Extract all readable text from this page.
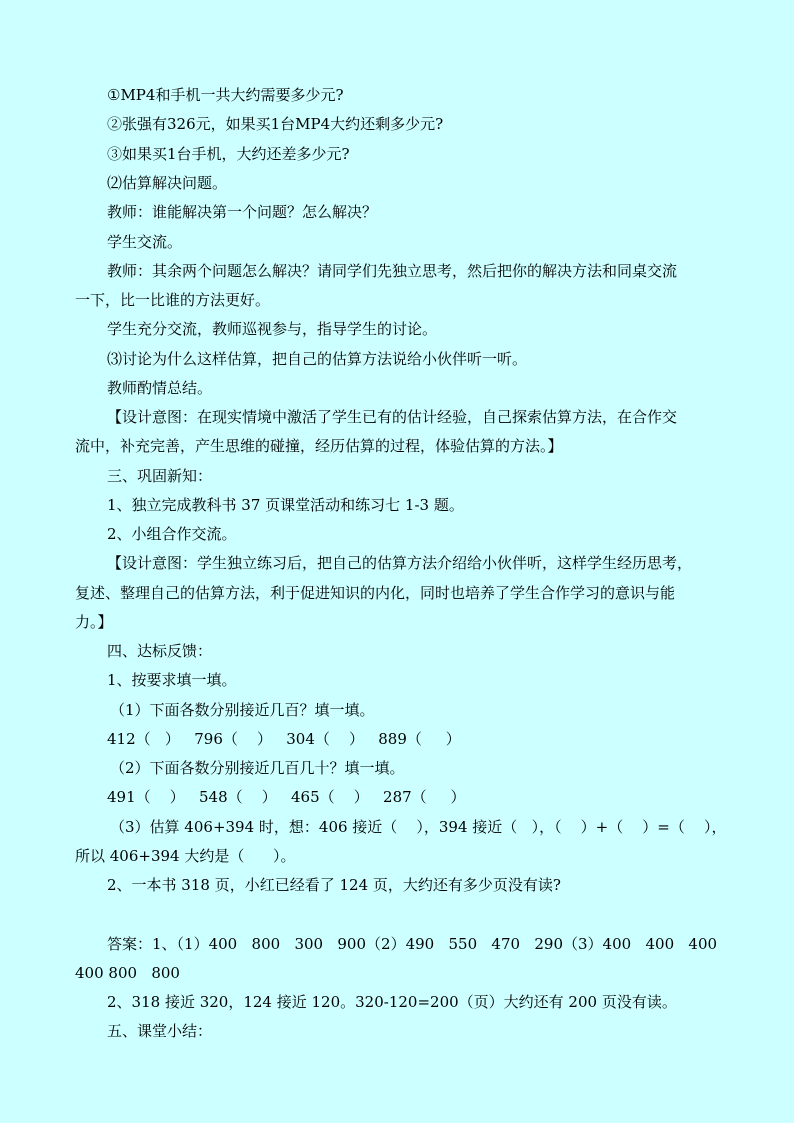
①MP4和手机一共大约需要多少元?
②张强有326元，如果买1台MP4大约还剩多少元?
③如果买1台手机，大约还差多少元?
⑵估算解决问题。
教师：谁能解决第一个问题？怎么解决？
学生交流。
教师：其余两个问题怎么解决？请同学们先独立思考，然后把你的解决方法和同桌交流
一下，比一比谁的方法更好。
学生充分交流，教师巡视参与，指导学生的讨论。
⑶讨论为什么这样估算，把自己的估算方法说给小伙伴听一听。
教师酌情总结。
【设计意图：在现实情境中激活了学生已有的估计经验，自己探索估算方法，在合作交
流中，补充完善，产生思维的碰撞，经历估算的过程，体验估算的方法。】
三、巩固新知：
1、独立完成教科书 37 页课堂活动和练习七 1-3 题。
2、小组合作交流。
【设计意图：学生独立练习后，把自己的估算方法介绍给小伙伴听，这样学生经历思考，
复述、整理自己的估算方法，利于促进知识的内化，同时也培养了学生合作学习的意识与能
力。】
四、达标反馈：
1、按要求填一填。
（1）下面各数分别接近几百？填一填。
412（   ）   796（    ）   304（    ）   889（     ）
（2）下面各数分别接近几百几十？填一填。
491（    ）   548（    ）   465（    ）   287（     ）
（3）估算 406+394 时，想：406 接近（    ），394 接近（   ），（    ）+（    ）=（    ），
所以 406+394 大约是（      ）。
2、一本书 318 页，小红已经看了 124 页，大约还有多少页没有读?
答案：1、（1）400   800   300   900（2）490   550   470   290（3）400   400   400
400 800   800
2、318 接近 320，124 接近 120。320-120=200（页）大约还有 200 页没有读。
五、课堂小结：
